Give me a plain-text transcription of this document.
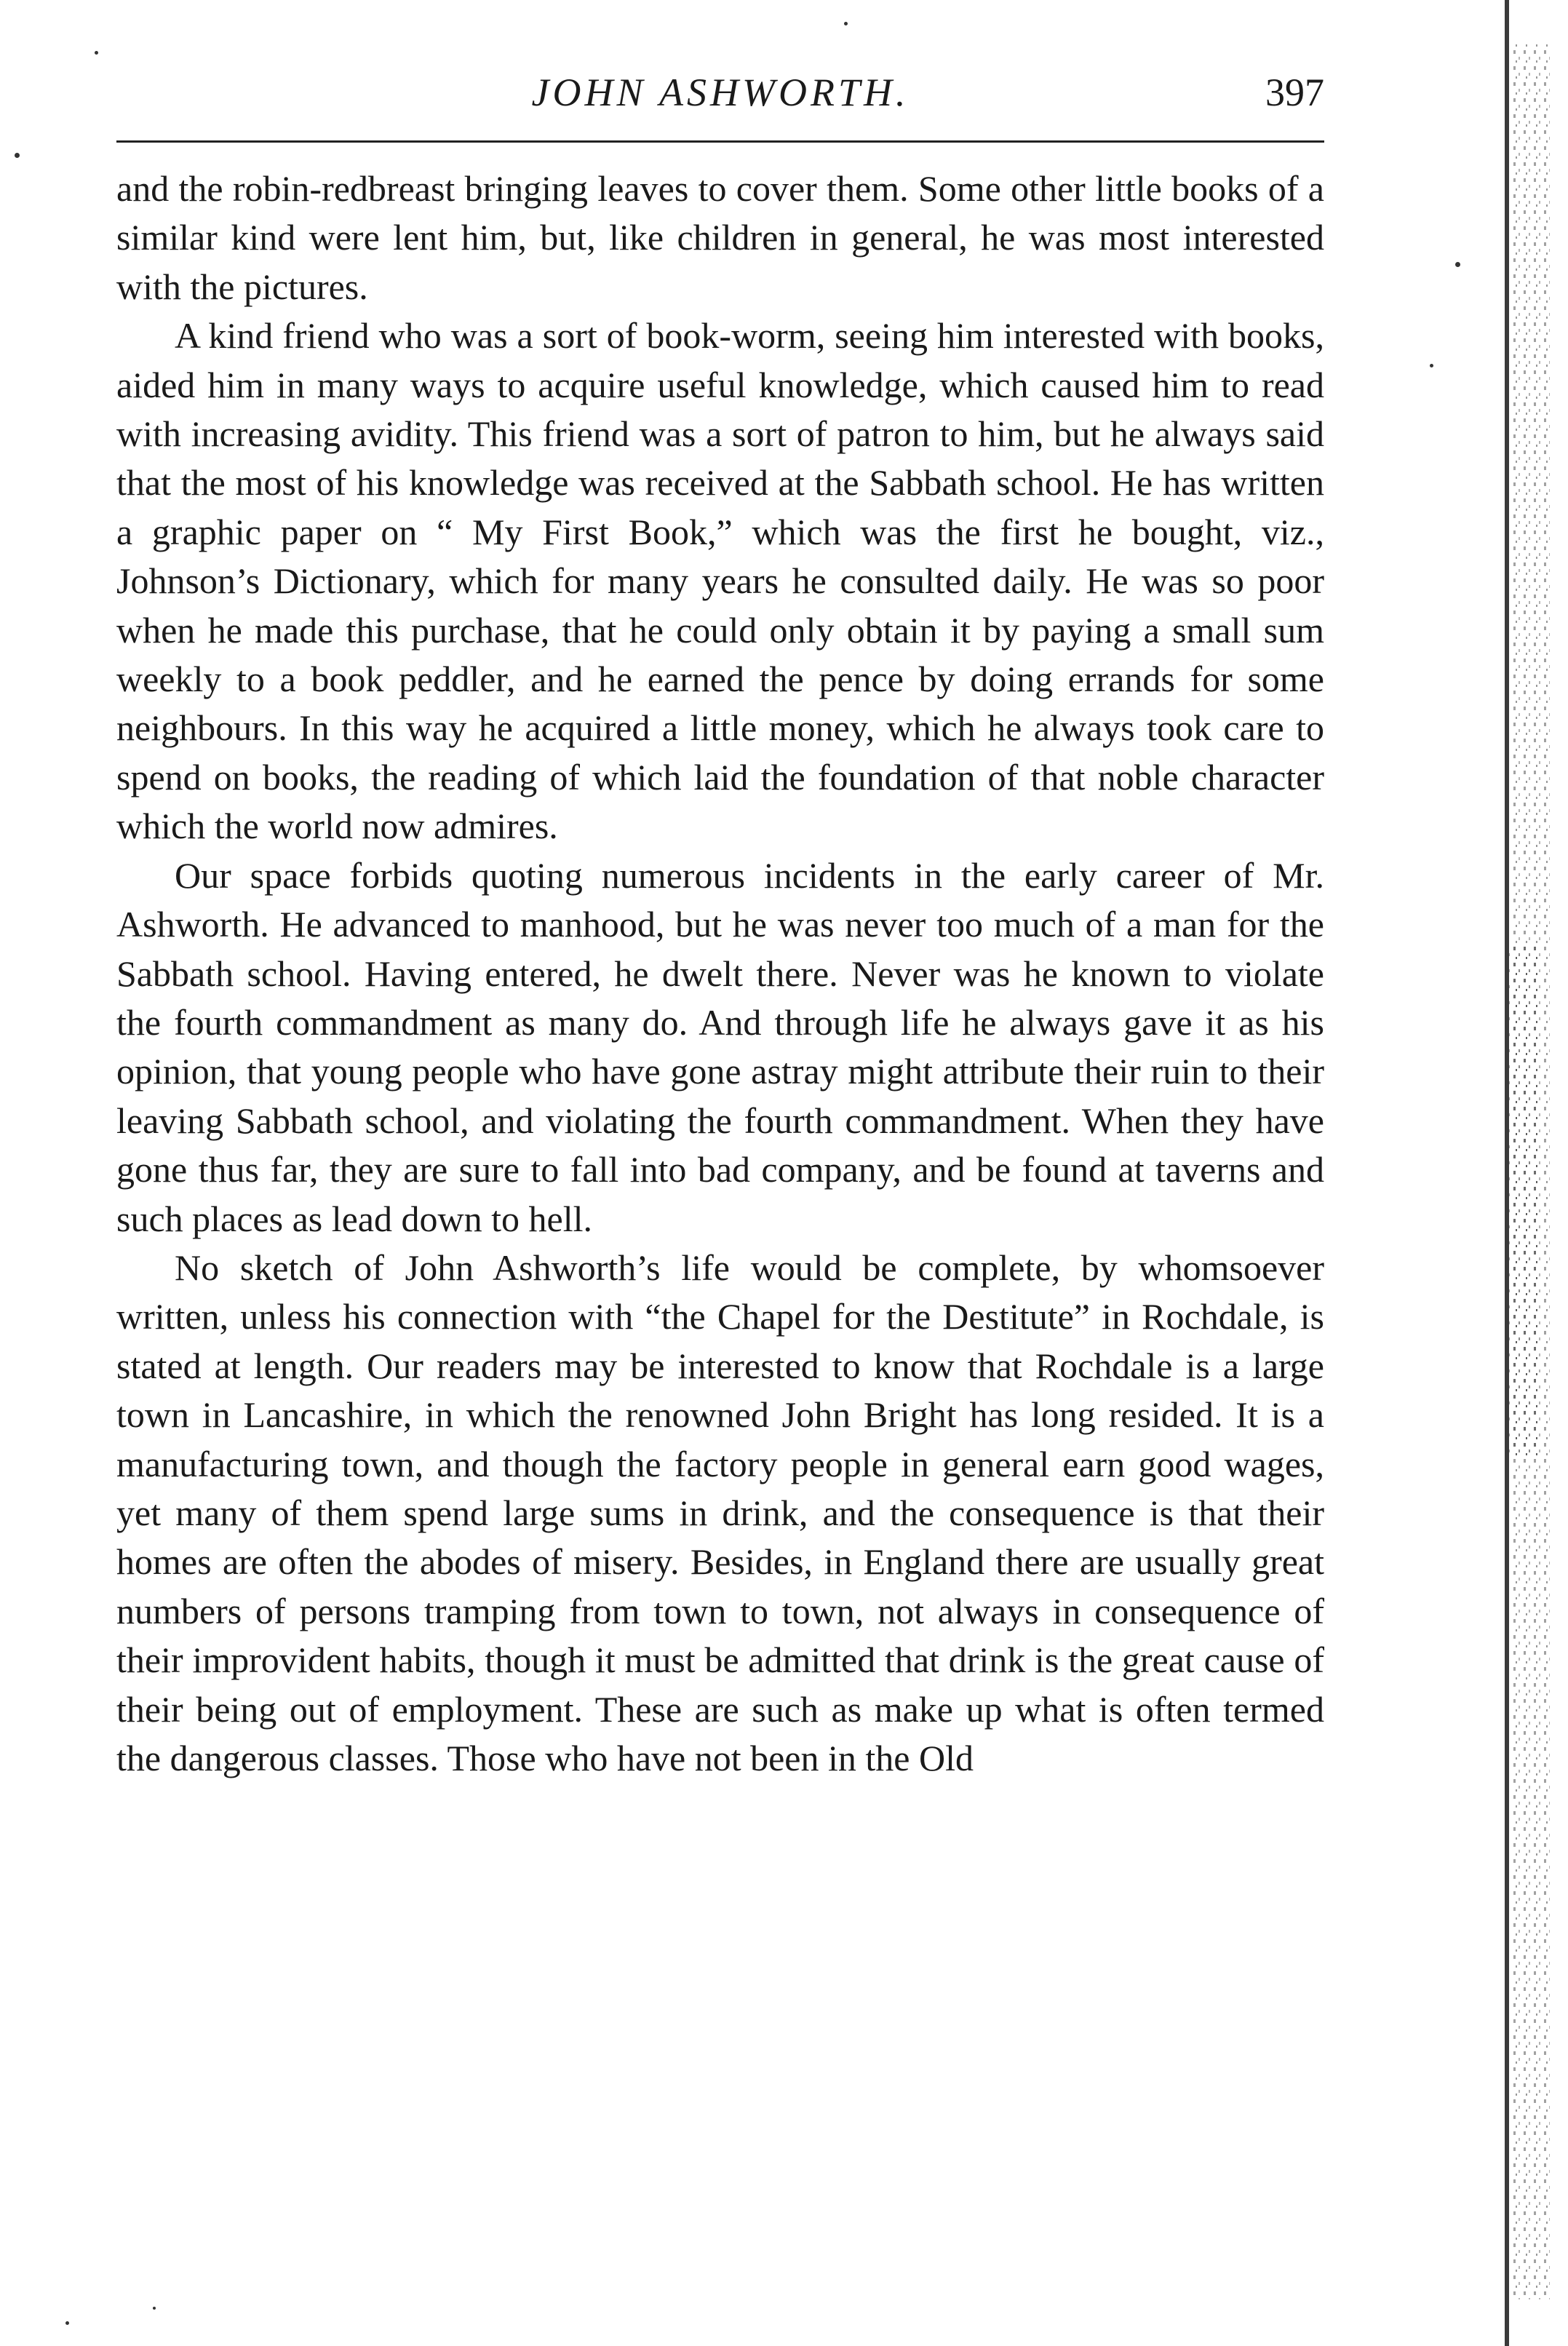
JOHN ASHWORTH.	397

and the robin-redbreast bringing leaves to cover them. Some other little books of a similar kind were lent him, but, like children in general, he was most interested with the pictures.

A kind friend who was a sort of book-worm, seeing him interested with books, aided him in many ways to acquire useful knowledge, which caused him to read with increasing avidity. This friend was a sort of patron to him, but he always said that the most of his knowledge was received at the Sabbath school. He has written a graphic paper on “ My First Book,” which was the first he bought, viz., Johnson’s Dictionary, which for many years he consulted daily. He was so poor when he made this purchase, that he could only obtain it by paying a small sum weekly to a book peddler, and he earned the pence by doing errands for some neighbours. In this way he acquired a little money, which he always took care to spend on books, the reading of which laid the foundation of that noble character which the world now admires.

Our space forbids quoting numerous incidents in the early career of Mr. Ashworth. He advanced to manhood, but he was never too much of a man for the Sabbath school. Having entered, he dwelt there. Never was he known to violate the fourth commandment as many do. And through life he always gave it as his opinion, that young people who have gone astray might attribute their ruin to their leaving Sabbath school, and violating the fourth commandment. When they have gone thus far, they are sure to fall into bad company, and be found at taverns and such places as lead down to hell.

No sketch of John Ashworth’s life would be complete, by whomsoever written, unless his connection with “the Chapel for the Destitute” in Rochdale, is stated at length. Our readers may be interested to know that Rochdale is a large town in Lancashire, in which the renowned John Bright has long resided. It is a manufacturing town, and though the factory people in general earn good wages, yet many of them spend large sums in drink, and the consequence is that their homes are often the abodes of misery. Besides, in England there are usually great numbers of persons tramping from town to town, not always in consequence of their improvident habits, though it must be admitted that drink is the great cause of their being out of employment. These are such as make up what is often termed the dangerous classes. Those who have not been in the Old
